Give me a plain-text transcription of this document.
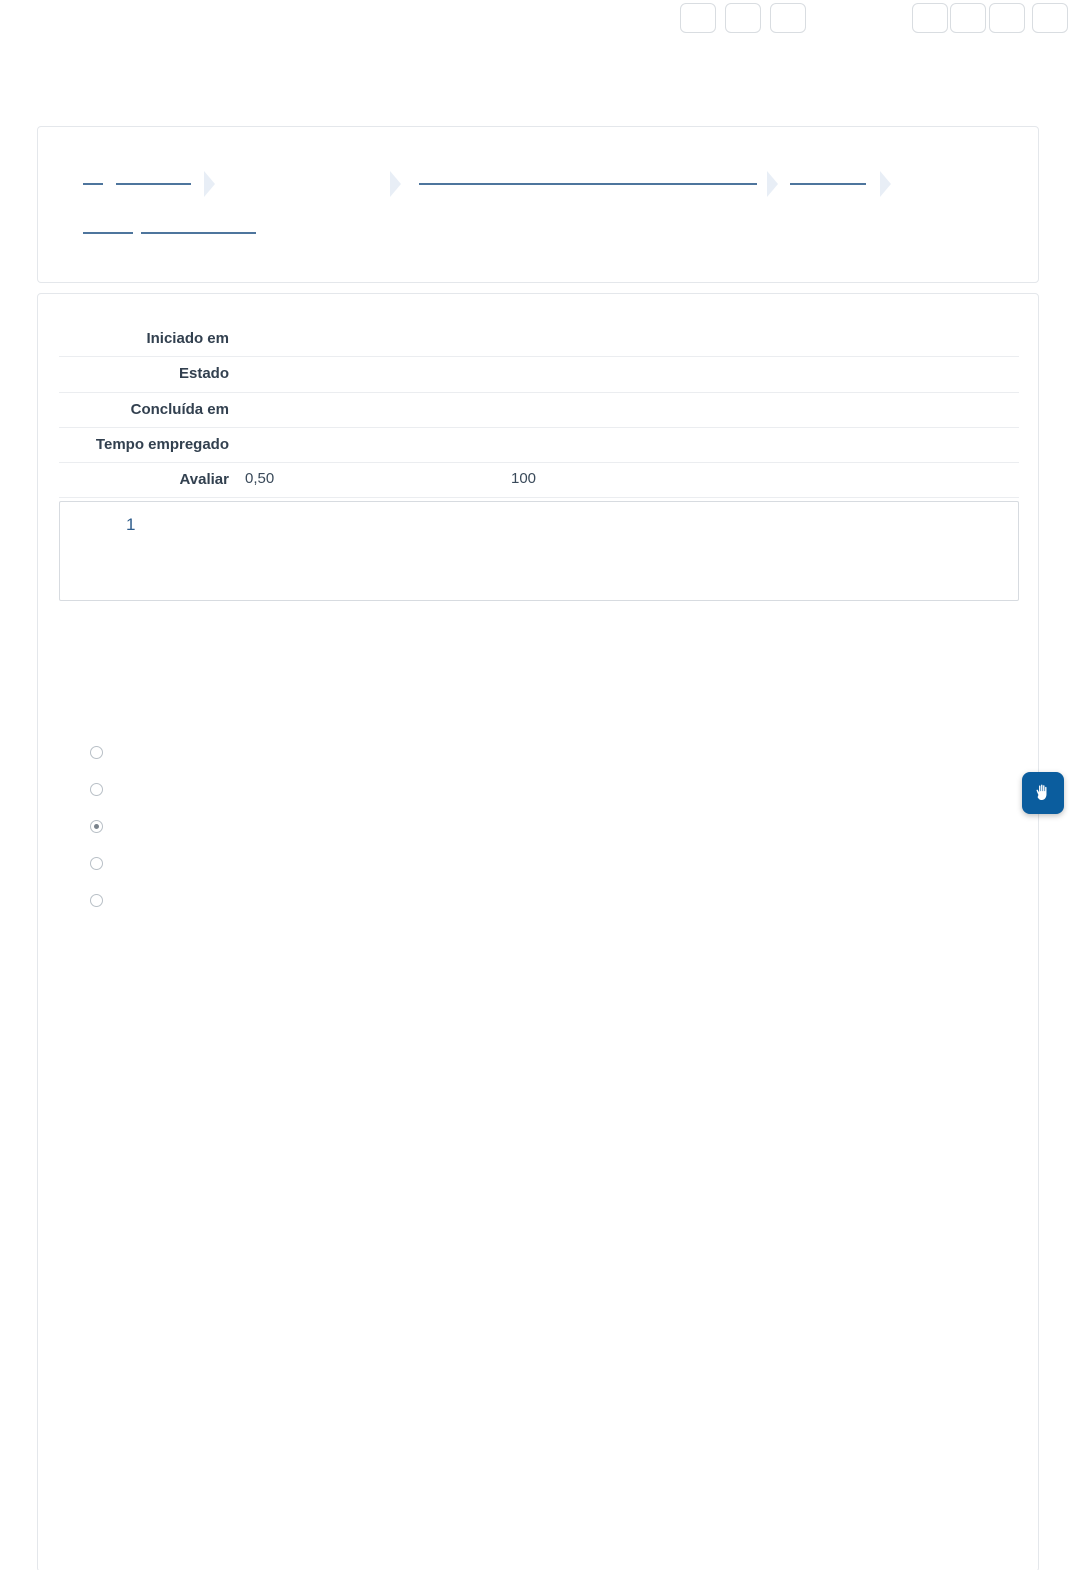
Iniciado em		
Estado		
Concluída em		
Tempo empregado		
Avaliar	0,50	100
1
